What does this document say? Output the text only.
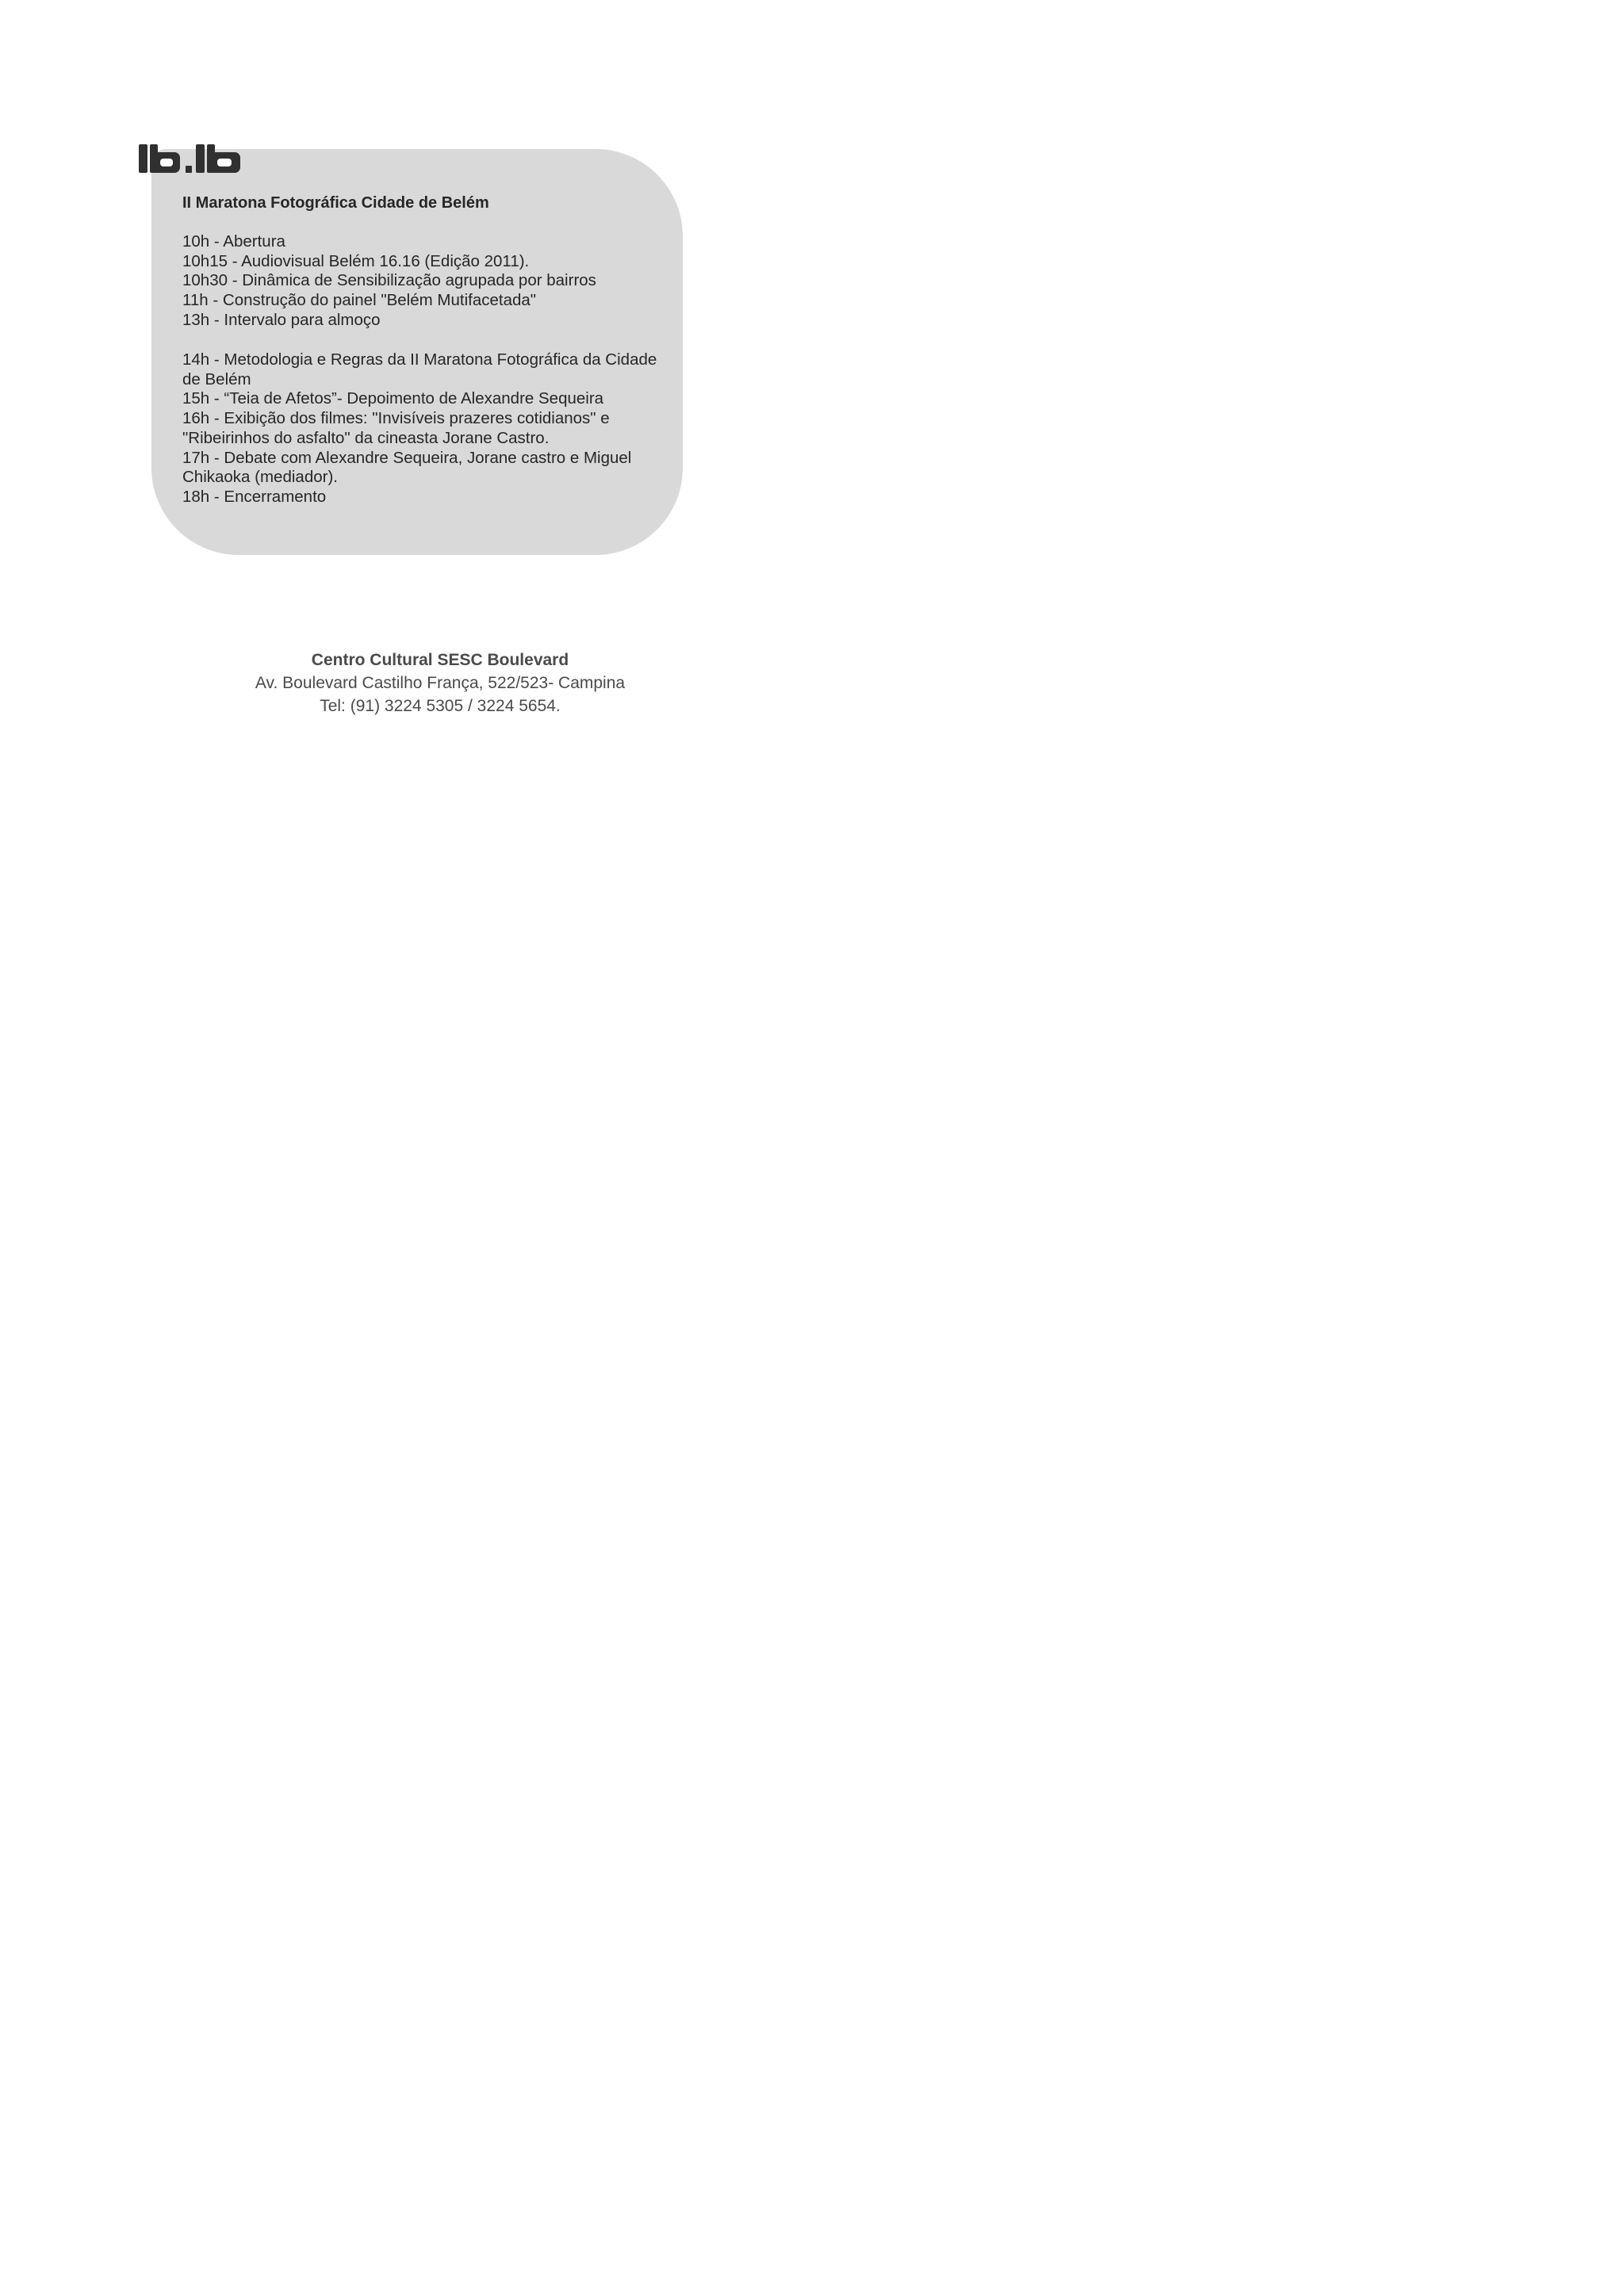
II Maratona Fotográfica Cidade de Belém
10h - Abertura
10h15 - Audiovisual Belém 16.16 (Edição 2011).
10h30 - Dinâmica de Sensibilização agrupada por bairros
11h - Construção do painel "Belém Mutifacetada"
13h - Intervalo para almoço
14h - Metodologia e Regras da II Maratona Fotográfica da Cidade de Belém
15h - “Teia de Afetos”- Depoimento de Alexandre Sequeira
16h - Exibição dos filmes: "Invisíveis prazeres cotidianos" e "Ribeirinhos do asfalto" da cineasta Jorane Castro.
17h - Debate com Alexandre Sequeira, Jorane castro e Miguel Chikaoka (mediador).
18h - Encerramento
Centro Cultural SESC Boulevard
Av. Boulevard Castilho França, 522/523- Campina
Tel: (91) 3224 5305 / 3224 5654.
